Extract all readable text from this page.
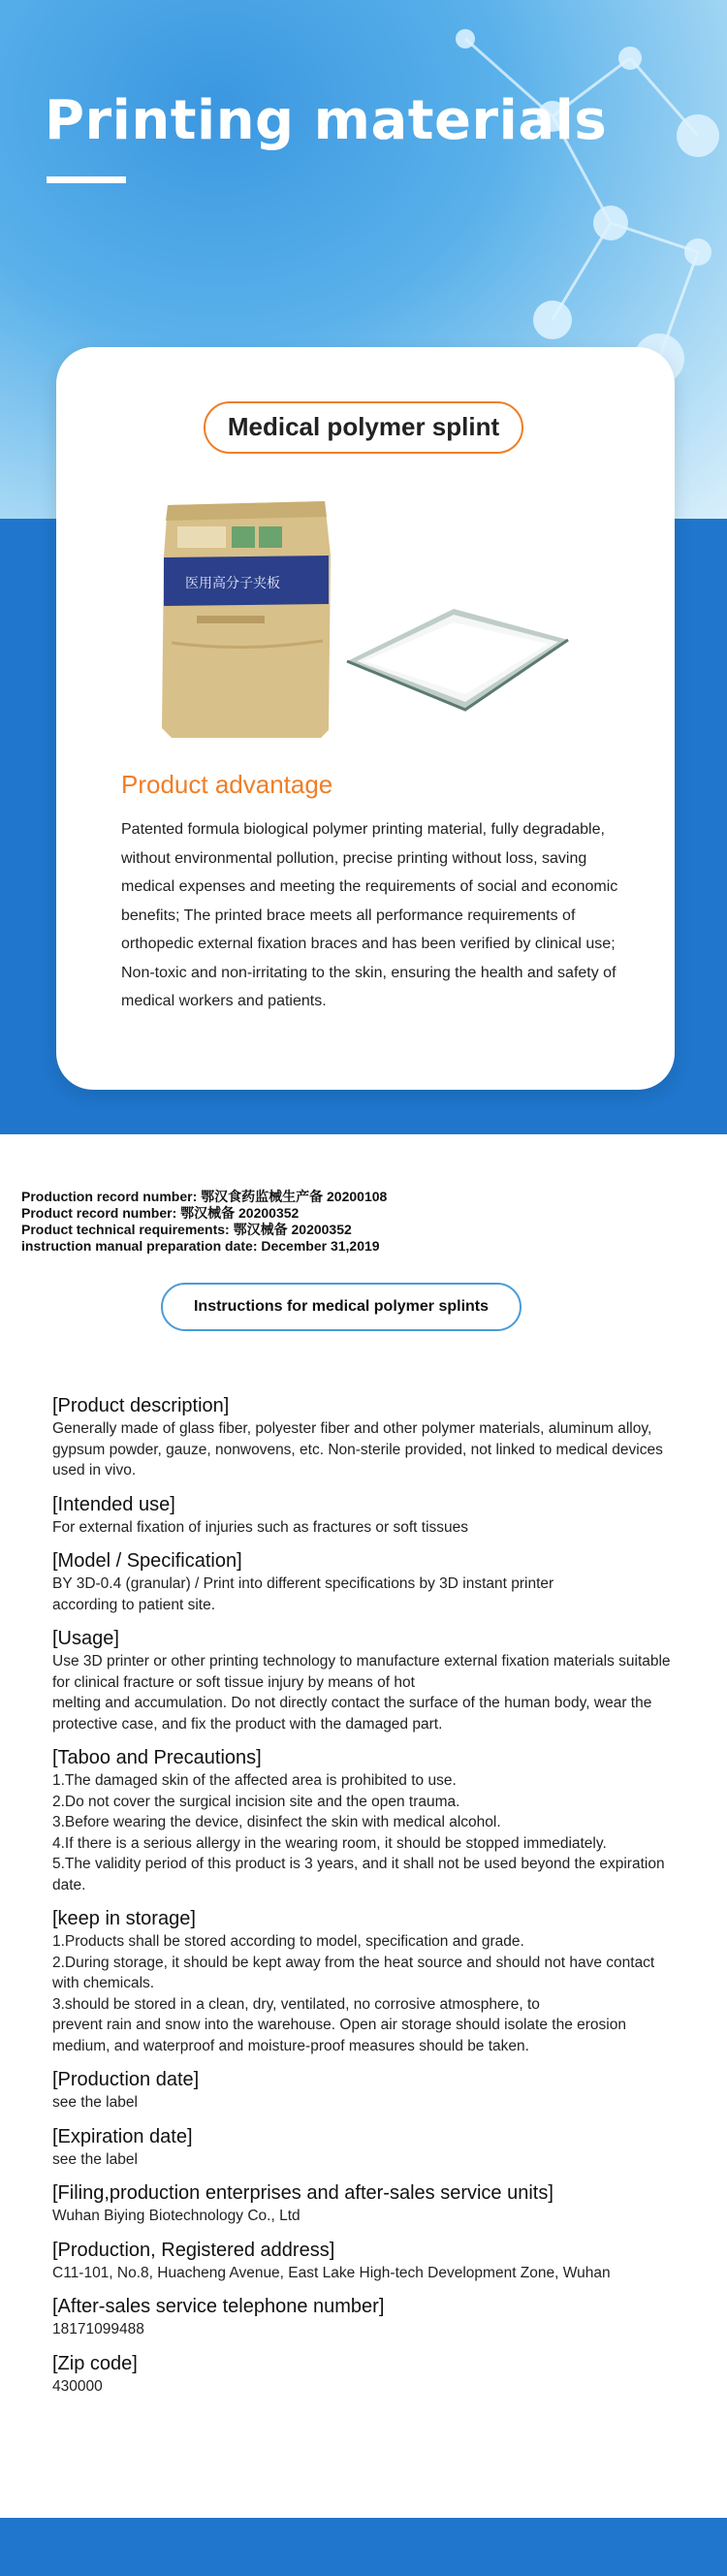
Printing materials
Medical polymer splint
医用高分子夹板
Product advantage
Patented formula biological polymer printing material, fully degradable, without environmental pollution, precise printing without loss, saving medical expenses and meeting the requirements of social and economic benefits; The printed brace meets all performance requirements of orthopedic external fixation braces and has been verified by clinical use; Non-toxic and non-irritating to the skin, ensuring the health and safety of medical workers and patients.
Production record number: 鄂汉食药监械生产备 20200108
Product record number: 鄂汉械备 20200352
Product technical requirements: 鄂汉械备 20200352
instruction manual preparation date: December 31,2019
Instructions for medical polymer splints
[Product description]
Generally made of glass fiber, polyester fiber and other polymer materials, aluminum alloy, gypsum powder, gauze, nonwovens, etc. Non-sterile provided, not linked to medical devices used in vivo.
[Intended use]
For external fixation of injuries such as fractures or soft tissues
[Model / Specification]
BY 3D-0.4 (granular) / Print into different specifications by 3D instant printer
according to patient site.
[Usage]
Use 3D printer or other printing technology to manufacture external fixation materials suitable for clinical fracture or soft tissue injury by means of hot
melting and accumulation. Do not directly contact the surface of the human body, wear the protective case, and fix the product with the damaged part.
[Taboo and Precautions]
1.The damaged skin of the affected area is prohibited to use.
2.Do not cover the surgical incision site and the open trauma.
3.Before wearing the device, disinfect the skin with medical alcohol.
4.If there is a serious allergy in the wearing room, it should be stopped immediately.
5.The validity period of this product is 3 years, and it shall not be used beyond the expiration date.
[keep in storage]
1.Products shall be stored according to model, specification and grade.
2.During storage, it should be kept away from the heat source and should not have contact with chemicals.
3.should be stored in a clean, dry, ventilated, no corrosive atmosphere, to
prevent rain and snow into the warehouse. Open air storage should isolate the erosion medium, and waterproof and moisture-proof measures should be taken.
[Production date]
see the label
[Expiration date]
see the label
[Filing,production enterprises and after-sales service units]
Wuhan Biying Biotechnology Co., Ltd
[Production, Registered address]
C11-101, No.8, Huacheng Avenue, East Lake High-tech Development Zone, Wuhan
[After-sales service telephone number]
18171099488
[Zip code]
430000
